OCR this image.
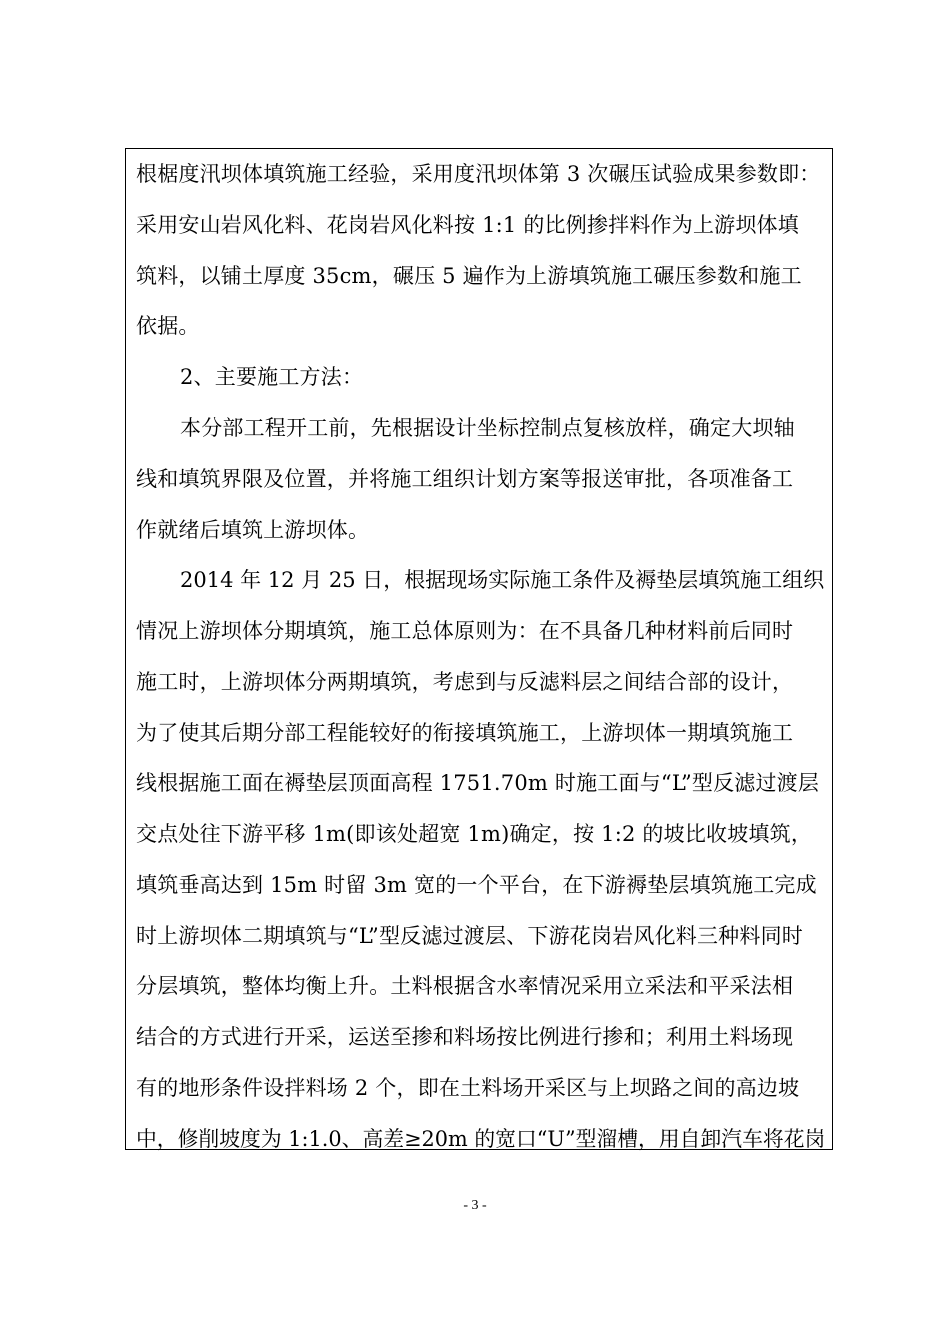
根椐度汛坝体填筑施工经验，采用度汛坝体第 3 次碾压试验成果参数即：
采用安山岩风化料、花岗岩风化料按 1:1 的比例掺拌料作为上游坝体填
筑料，以铺土厚度 35cm，碾压 5 遍作为上游填筑施工碾压参数和施工
依据。
2、主要施工方法：
本分部工程开工前，先根据设计坐标控制点复核放样，确定大坝轴
线和填筑界限及位置，并将施工组织计划方案等报送审批，各项准备工
作就绪后填筑上游坝体。
2014 年 12 月 25 日，根据现场实际施工条件及褥垫层填筑施工组织
情况上游坝体分期填筑，施工总体原则为：在不具备几种材料前后同时
施工时，上游坝体分两期填筑，考虑到与反滤料层之间结合部的设计，
为了使其后期分部工程能较好的衔接填筑施工，上游坝体一期填筑施工
线根据施工面在褥垫层顶面高程 1751.70m 时施工面与“L”型反滤过渡层
交点处往下游平移 1m(即该处超宽 1m)确定，按 1:2 的坡比收坡填筑，
填筑垂高达到 15m 时留 3m 宽的一个平台，在下游褥垫层填筑施工完成
时上游坝体二期填筑与“L”型反滤过渡层、下游花岗岩风化料三种料同时
分层填筑，整体均衡上升。土料根据含水率情况采用立采法和平采法相
结合的方式进行开采，运送至掺和料场按比例进行掺和；利用土料场现
有的地形条件设拌料场 2 个，即在土料场开采区与上坝路之间的高边坡
中，修削坡度为 1:1.0、高差≥20m 的宽口“U”型溜槽，用自卸汽车将花岗
- 3 -
